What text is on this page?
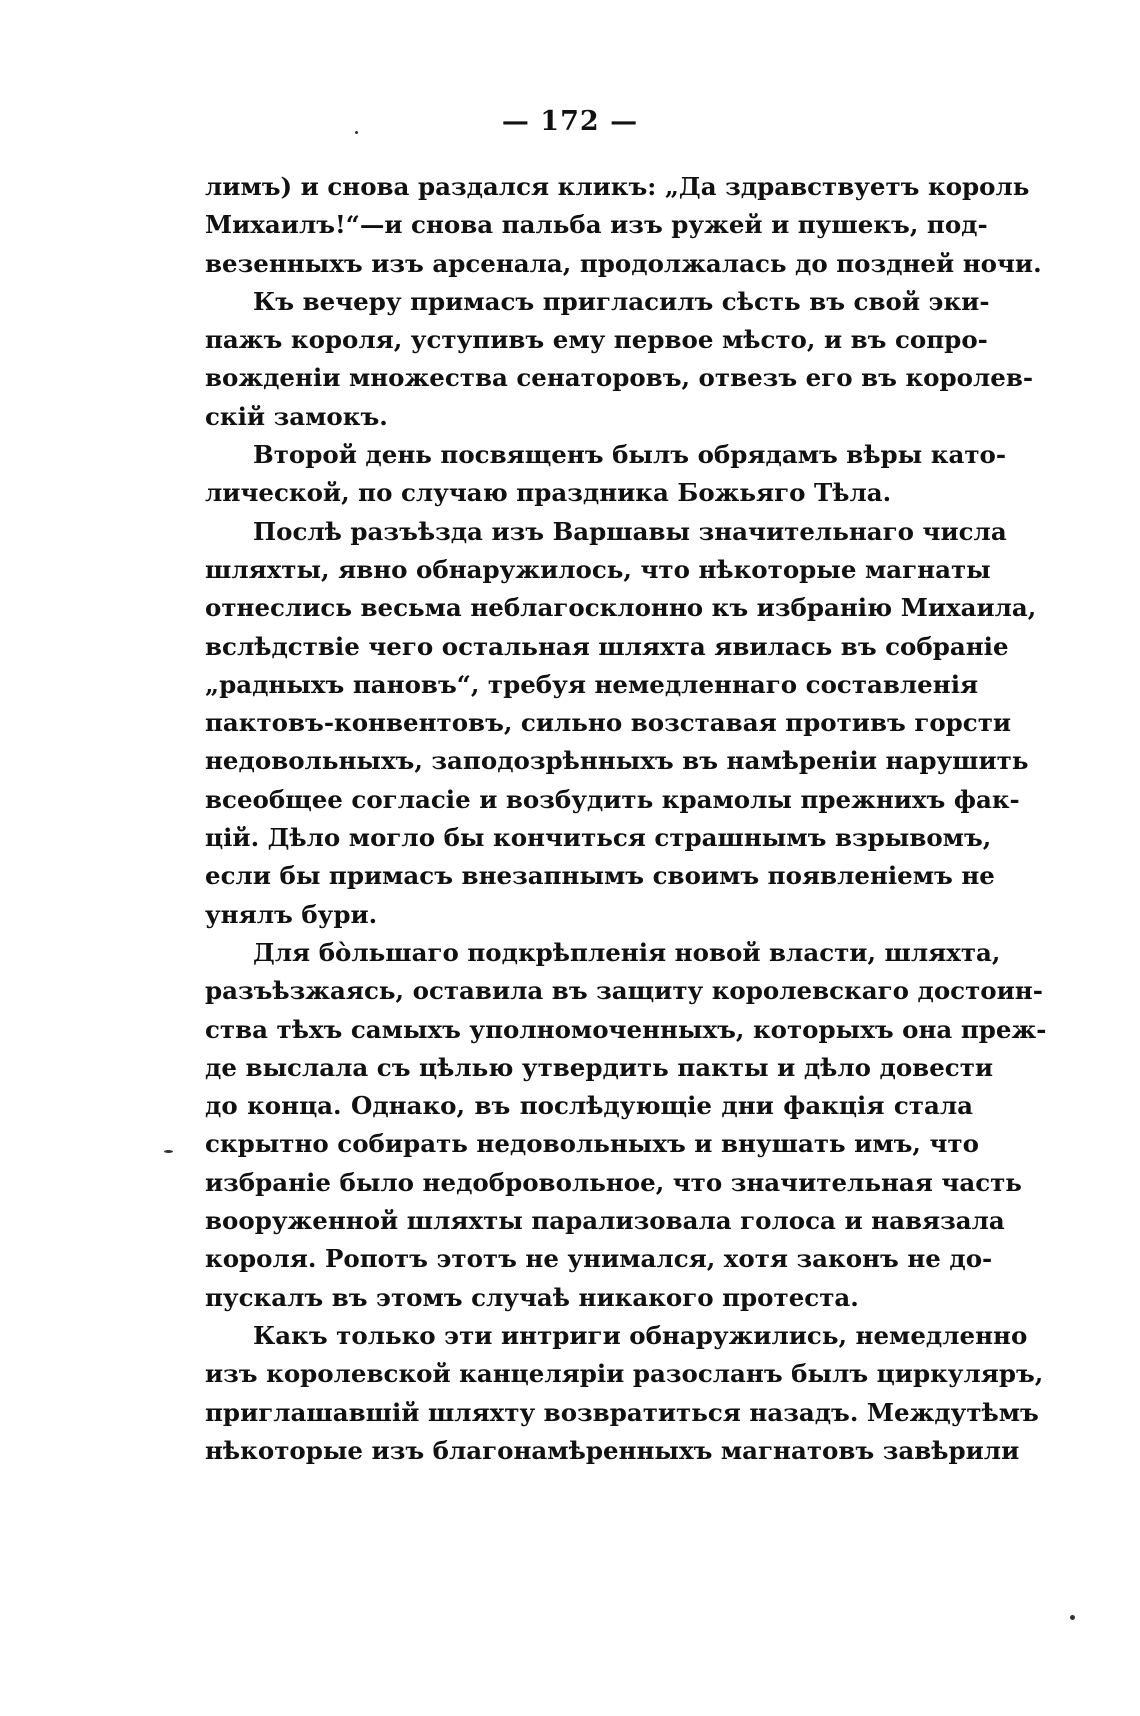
— 172 —
лимъ) и снова раздался кликъ: „Да здравствуетъ король
Михаилъ!“—и снова пальба изъ ружей и пушекъ, под-
везенныхъ изъ арсенала, продолжалась до поздней ночи.
Къ вечеру примасъ пригласилъ сѣсть въ свой эки-
пажъ короля, уступивъ ему первое мѣсто, и въ сопро-
вожденіи множества сенаторовъ, отвезъ его въ королев-
скій замокъ.
Второй день посвященъ былъ обрядамъ вѣры като-
лической, по случаю праздника Божьяго Тѣла.
Послѣ разъѣзда изъ Варшавы значительнаго числа
шляхты, явно обнаружилось, что нѣкоторые магнаты
отнеслись весьма неблагосклонно къ избранію Михаила,
вслѣдствіе чего остальная шляхта явилась въ собраніе
„радныхъ пановъ“, требуя немедленнаго составленія
пактовъ-конвентовъ, сильно возставая противъ горсти
недовольныхъ, заподозрѣнныхъ въ намѣреніи нарушить
всеобщее согласіе и возбудить крамолы прежнихъ фак-
цій. Дѣло могло бы кончиться страшнымъ взрывомъ,
если бы примасъ внезапнымъ своимъ появленіемъ не
унялъ бури.
Для бòльшаго подкрѣпленія новой власти, шляхта,
разъѣзжаясь, оставила въ защиту королевскаго достоин-
ства тѣхъ самыхъ уполномоченныхъ, которыхъ она преж-
де выслала съ цѣлью утвердить пакты и дѣло довести
до конца. Однако, въ послѣдующіе дни факція стала
скрытно собирать недовольныхъ и внушать имъ, что
избраніе было недобровольное, что значительная часть
вооруженной шляхты парализовала голоса и навязала
короля. Ропотъ этотъ не унимался, хотя законъ не до-
пускалъ въ этомъ случаѣ никакого протеста.
Какъ только эти интриги обнаружились, немедленно
изъ королевской канцеляріи разосланъ былъ циркуляръ,
приглашавшій шляхту возвратиться назадъ. Междутѣмъ
нѣкоторые изъ благонамѣренныхъ магнатовъ завѣрили
